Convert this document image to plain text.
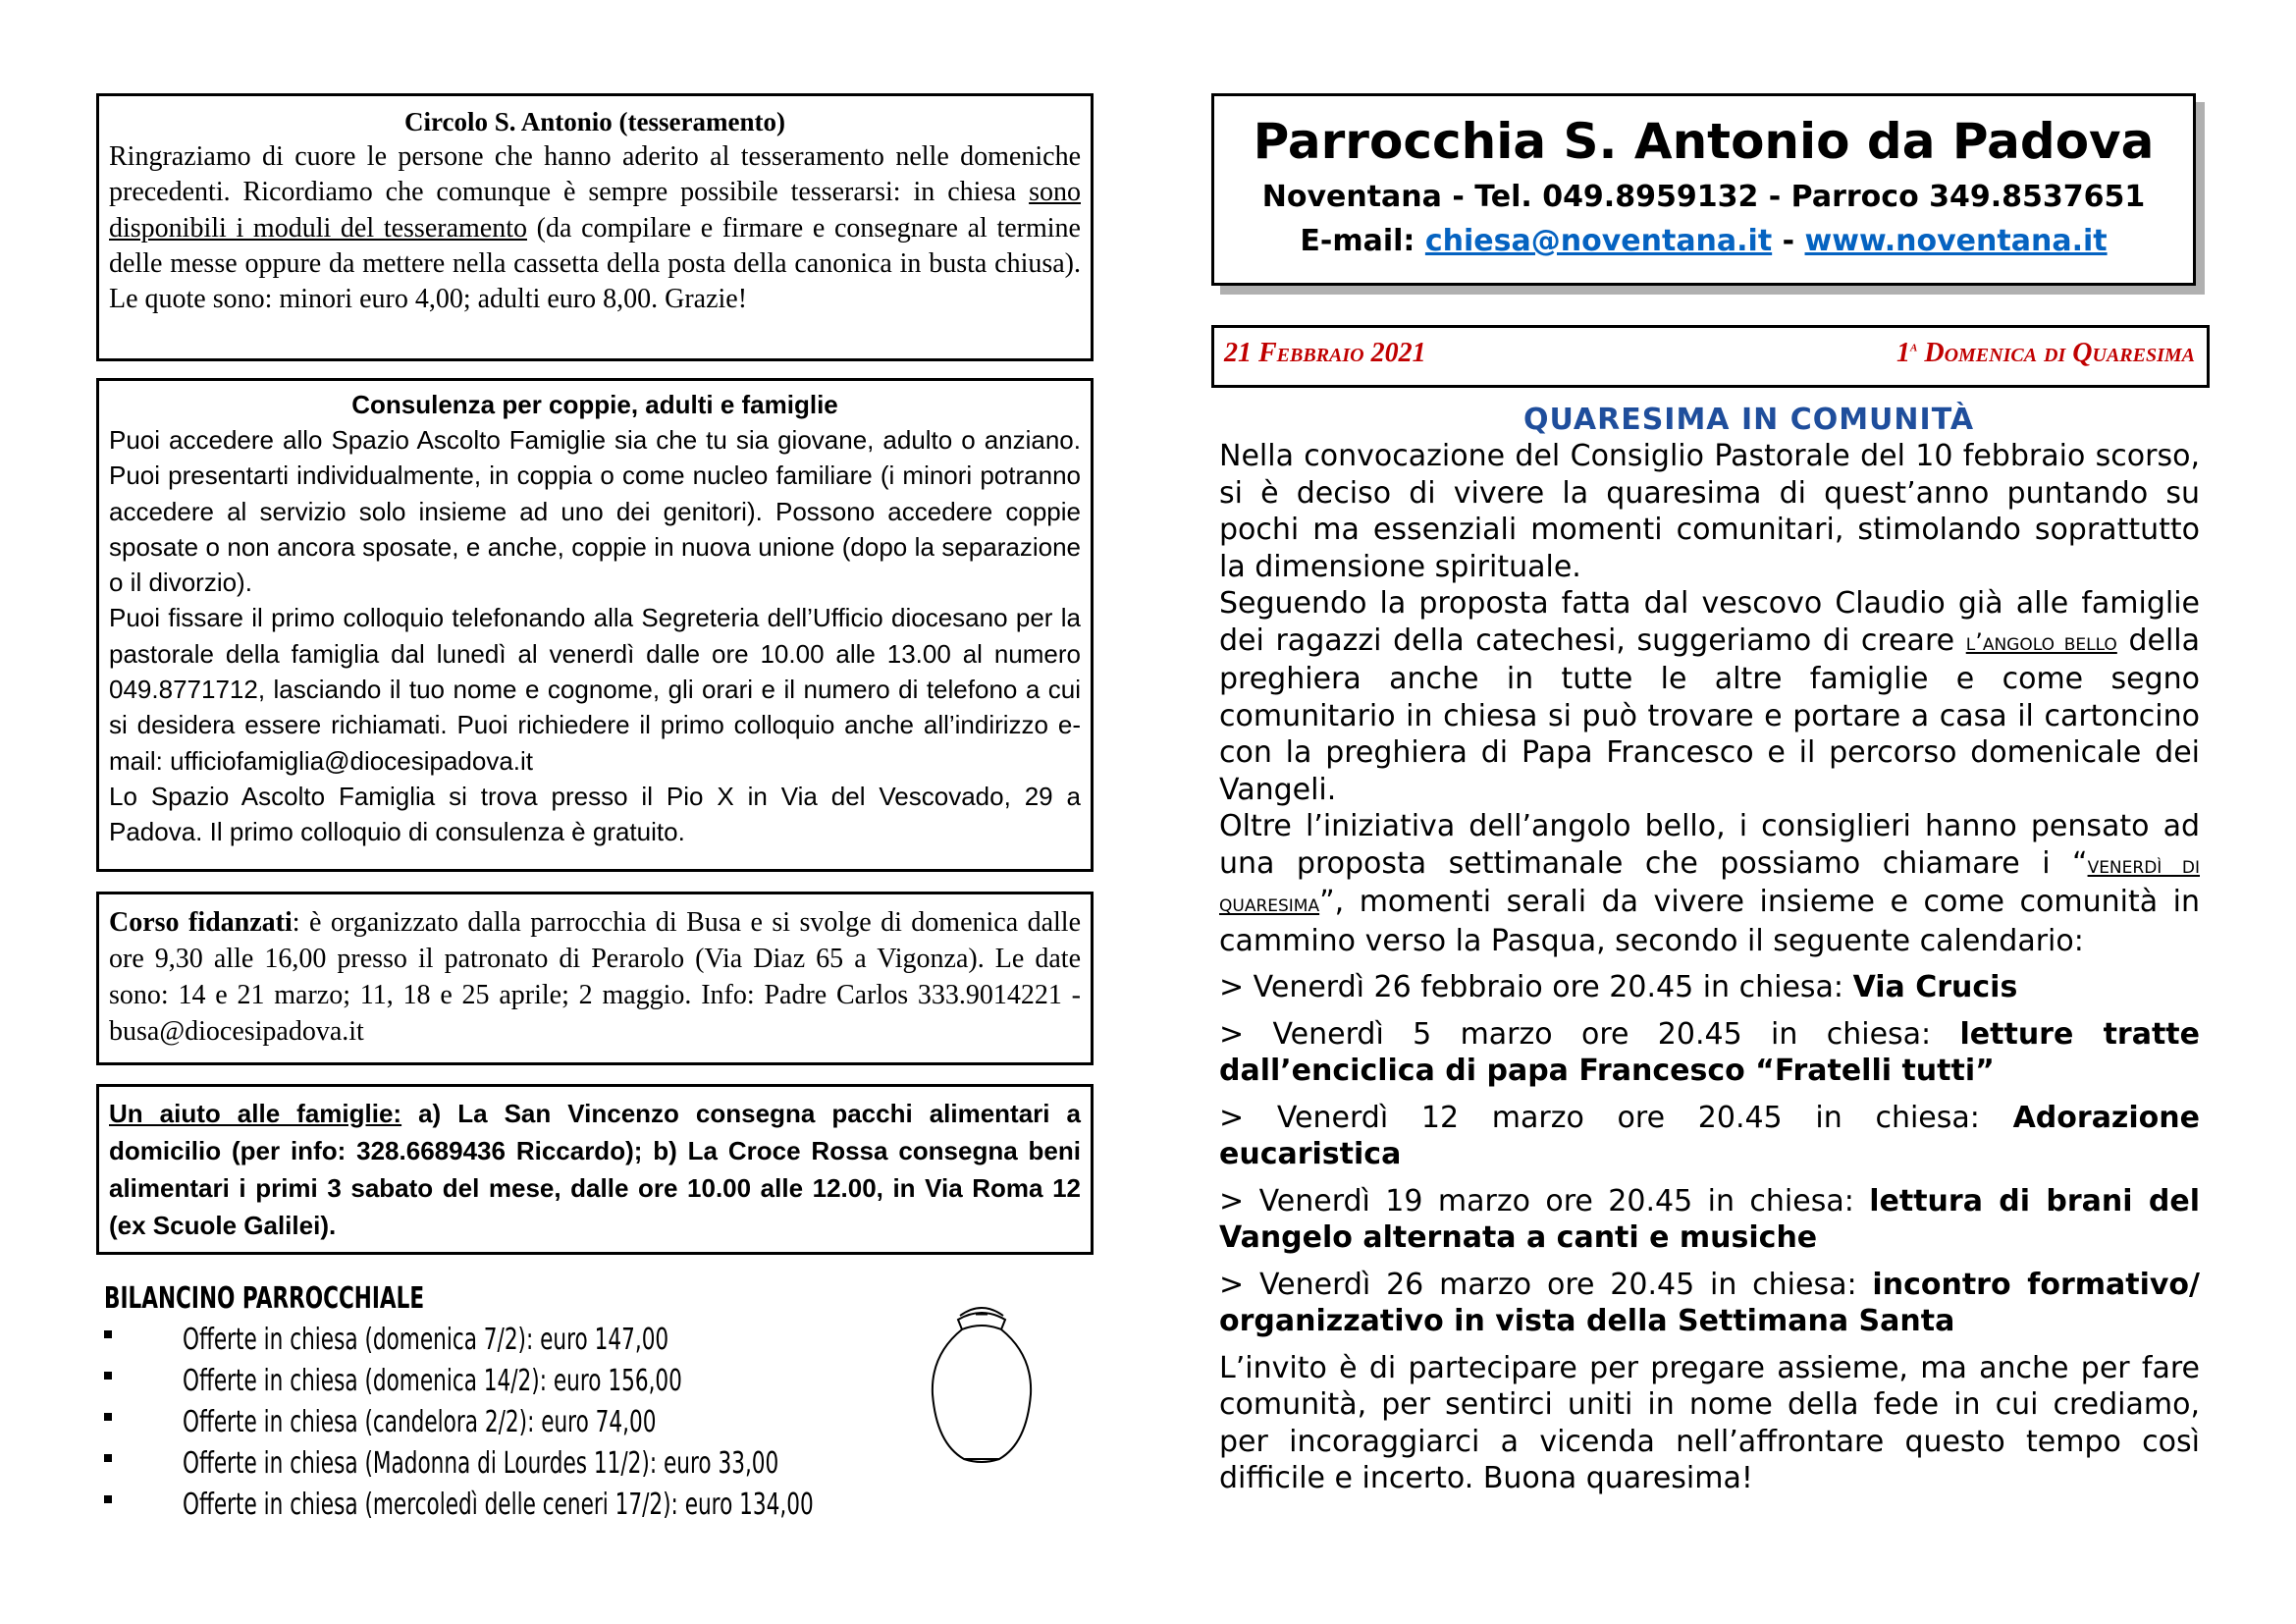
Circolo S. Antonio (tesseramento)

Ringraziamo di cuore le persone che hanno aderito al tesseramento nelle domeniche precedenti. Ricordiamo che comunque è sempre possibile tesserarsi: in chiesa sono disponibili i moduli del tesseramento (da compilare e firmare e consegnare al termine delle messe oppure da mettere nella cassetta della posta della canonica in busta chiusa). Le quote sono: minori euro 4,00; adulti euro 8,00. Grazie!

Consulenza per coppie, adulti e famiglie

Puoi accedere allo Spazio Ascolto Famiglie sia che tu sia giovane, adulto o anziano. Puoi presentarti individualmente, in coppia o come nucleo familiare (i minori potranno accedere al servizio solo insieme ad uno dei genitori). Possono accedere coppie sposate o non ancora sposate, e anche, coppie in nuova unione (dopo la separazione o il divorzio).

Puoi fissare il primo colloquio telefonando alla Segreteria dell’Ufficio diocesano per la pastorale della famiglia dal lunedì al venerdì dalle ore 10.00 alle 13.00 al numero 049.8771712, lasciando il tuo nome e cognome, gli orari e il numero di telefono a cui si desidera essere richiamati. Puoi richiedere il primo colloquio anche all’indirizzo e-mail: ufficiofamiglia@diocesipadova.it

Lo Spazio Ascolto Famiglia si trova presso il Pio X in Via del Vescovado, 29 a Padova. Il primo colloquio di consulenza è gratuito.

Corso fidanzati: è organizzato dalla parrocchia di Busa e si svolge di domenica dalle ore 9,30 alle 16,00 presso il patronato di Perarolo (Via Diaz 65 a Vigonza). Le date sono: 14 e 21 marzo; 11, 18 e 25 aprile; 2 maggio. Info: Padre Carlos 333.9014221 - busa@diocesipadova.it

Un aiuto alle famiglie: a) La San Vincenzo consegna pacchi alimentari a domicilio (per info: 328.6689436 Riccardo); b) La Croce Rossa consegna beni alimentari i primi 3 sabato del mese, dalle ore 10.00 alle 12.00, in Via Roma 12 (ex Scuole Galilei).

BILANCINO PARROCCHIALE
Offerte in chiesa (domenica 7/2): euro 147,00
Offerte in chiesa (domenica 14/2): euro 156,00
Offerte in chiesa (candelora 2/2): euro 74,00
Offerte in chiesa (Madonna di Lourdes 11/2): euro 33,00
Offerte in chiesa (mercoledì delle ceneri 17/2): euro 134,00
Parrocchia S. Antonio da Padova
Noventana - Tel. 049.8959132 - Parroco 349.8537651
E-mail: chiesa@noventana.it - www.noventana.it
21 Febbraio 2021	1$^a$ Domenica di Quaresima
QUARESIMA IN COMUNITÀ

Nella convocazione del Consiglio Pastorale del 10 febbraio scorso, si è deciso di vivere la quaresima di quest’anno puntando su pochi ma essenziali momenti comunitari, stimolando soprattutto la dimensione spirituale.

Seguendo la proposta fatta dal vescovo Claudio già alle famiglie dei ragazzi della catechesi, suggeriamo di creare l’angolo bello della preghiera anche in tutte le altre famiglie e come segno comunitario in chiesa si può trovare e portare a casa il cartoncino con la preghiera di Papa Francesco e il percorso domenicale dei Vangeli.

Oltre l’iniziativa dell’angolo bello, i consiglieri hanno pensato ad una proposta settimanale che possiamo chiamare i “venerdì di quaresima”, momenti serali da vivere insieme e come comunità in cammino verso la Pasqua, secondo il seguente calendario:

> Venerdì 26 febbraio ore 20.45 in chiesa: Via Crucis

> Venerdì 5 marzo ore 20.45 in chiesa: letture tratte dall’enciclica di papa Francesco “Fratelli tutti”

> Venerdì 12 marzo ore 20.45 in chiesa: Adorazione eucaristica

> Venerdì 19 marzo ore 20.45 in chiesa: lettura di brani del Vangelo alternata a canti e musiche

> Venerdì 26 marzo ore 20.45 in chiesa: incontro formativo/ organizzativo in vista della Settimana Santa

L’invito è di partecipare per pregare assieme, ma anche per fare comunità, per sentirci uniti in nome della fede in cui crediamo, per incoraggiarci a vicenda nell’affrontare questo tempo così difficile e incerto. Buona quaresima!
